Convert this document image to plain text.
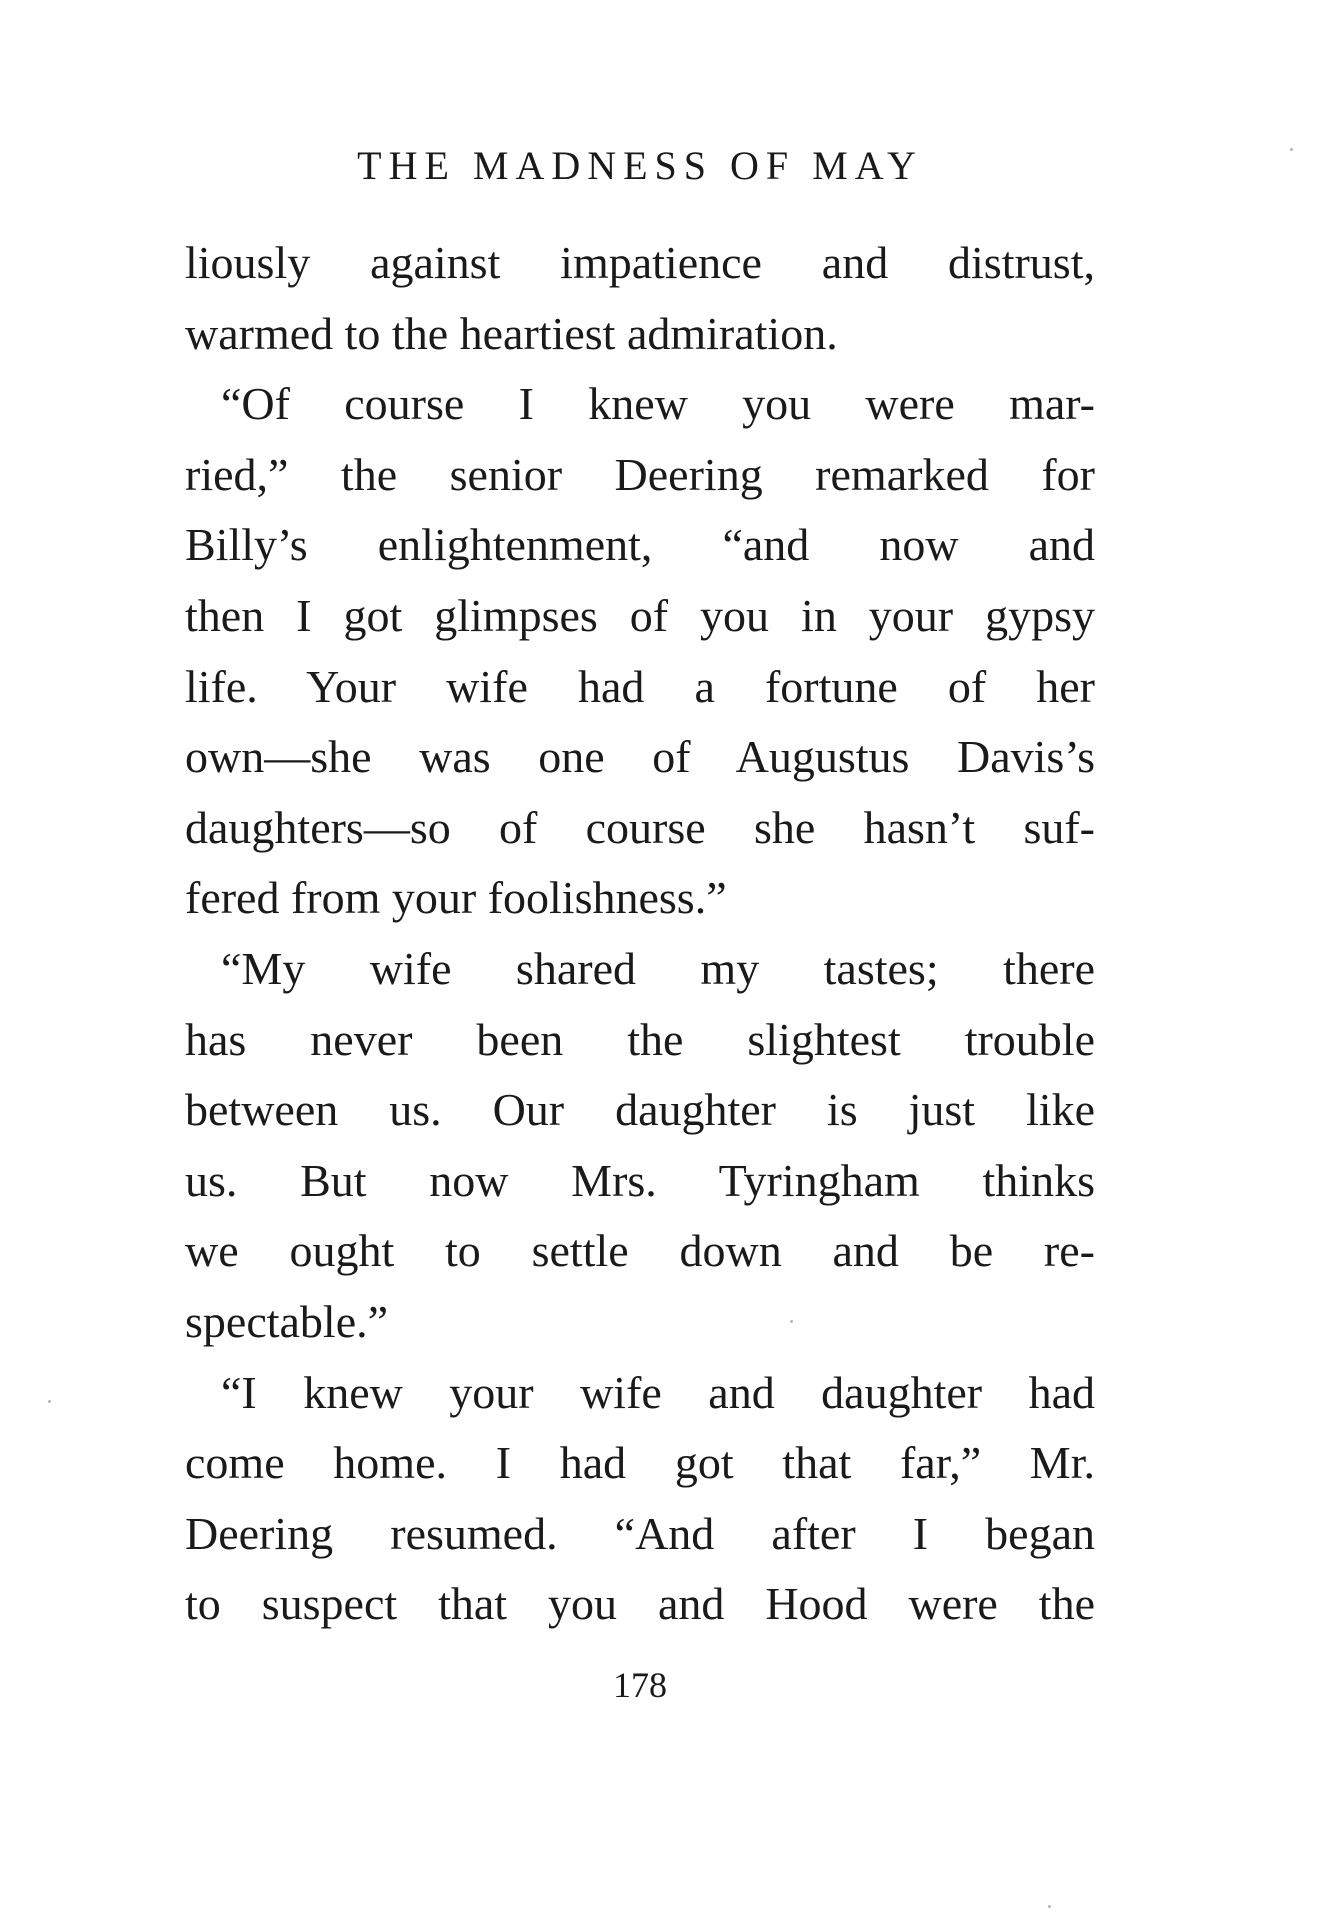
THE MADNESS OF MAY
liously against impatience and distrust,
warmed to the heartiest admiration.
“Of course I knew you were mar-
ried,” the senior Deering remarked for
Billy’s enlightenment, “and now and
then I got glimpses of you in your gypsy
life. Your wife had a fortune of her
own—she was one of Augustus Davis’s
daughters—so of course she hasn’t suf-
fered from your foolishness.”
“My wife shared my tastes; there
has never been the slightest trouble
between us. Our daughter is just like
us. But now Mrs. Tyringham thinks
we ought to settle down and be re-
spectable.”
“I knew your wife and daughter had
come home. I had got that far,” Mr.
Deering resumed. “And after I began
to suspect that you and Hood were the
178
